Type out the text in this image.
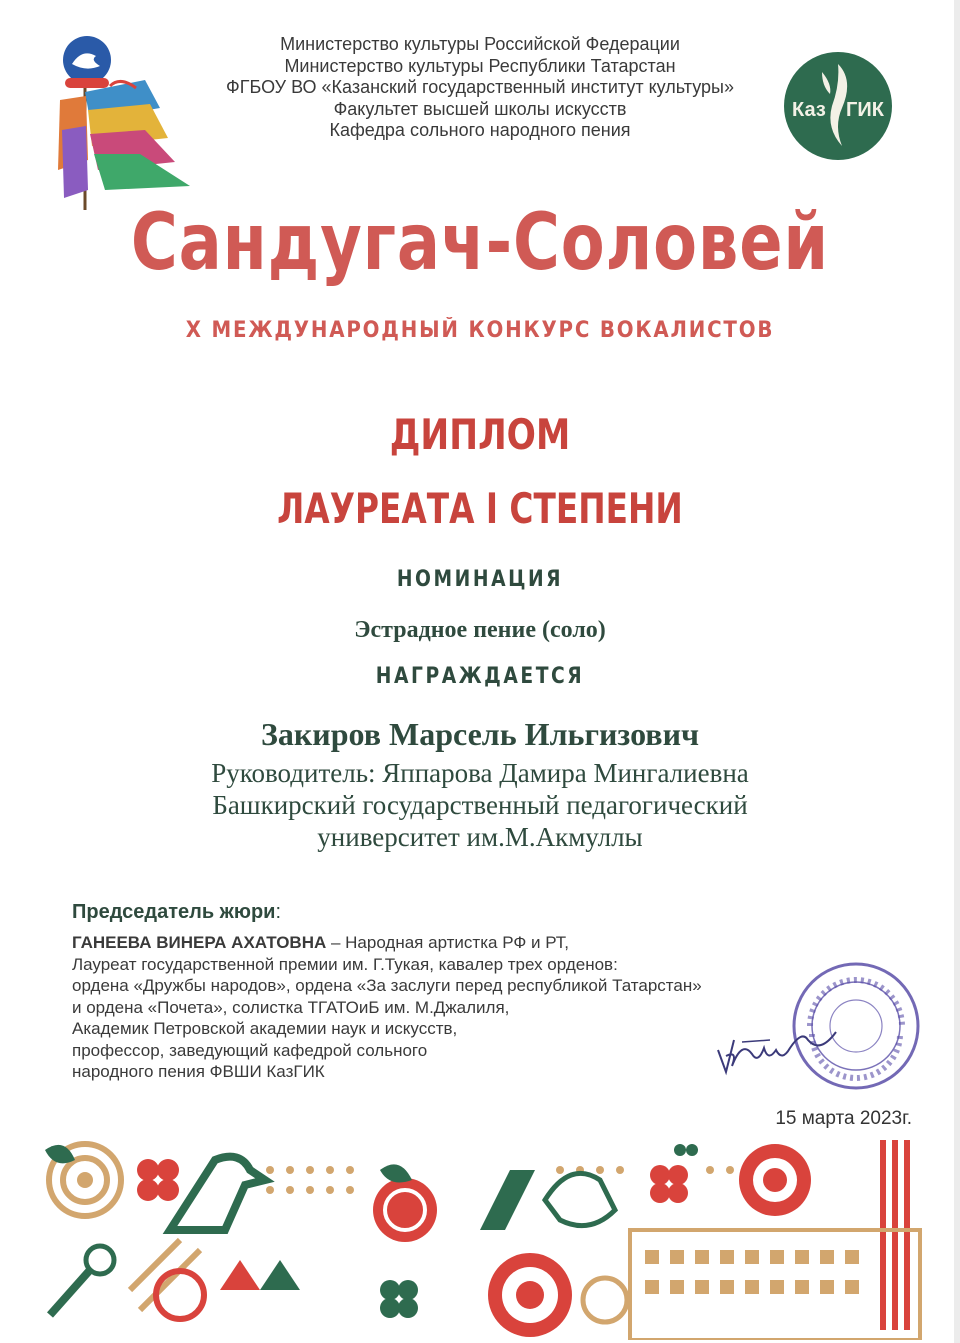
Министерство культуры Российской Федерации
Министерство культуры Республики Татарстан
ФГБОУ ВО «Казанский государственный институт культуры»
Факультет высшей школы искусств
Кафедра сольного народного пения
Каз ГИК
Сандугач-Соловей
X МЕЖДУНАРОДНЫЙ КОНКУРС ВОКАЛИСТОВ
ДИПЛОМ
ЛАУРЕАТА I СТЕПЕНИ
НОМИНАЦИЯ
Эстрадное пение (соло)
НАГРАЖДАЕТСЯ
Закиров Марсель Ильгизович
Руководитель: Яппарова Дамира Мингалиевна
Башкирский государственный педагогический
университет им.М.Акмуллы
Председатель жюри:
ГАНЕЕВА ВИНЕРА АХАТОВНА – Народная артистка РФ и РТ,
Лауреат государственной премии им. Г.Тукая, кавалер трех орденов:
ордена «Дружбы народов», ордена «За заслуги перед республикой Татарстан»
и ордена «Почета», солистка ТГАТОиБ им. М.Джалиля,
Академик Петровской академии наук и искусств,
профессор, заведующий кафедрой сольного
народного пения ФВШИ КазГИК
15 марта 2023г.
